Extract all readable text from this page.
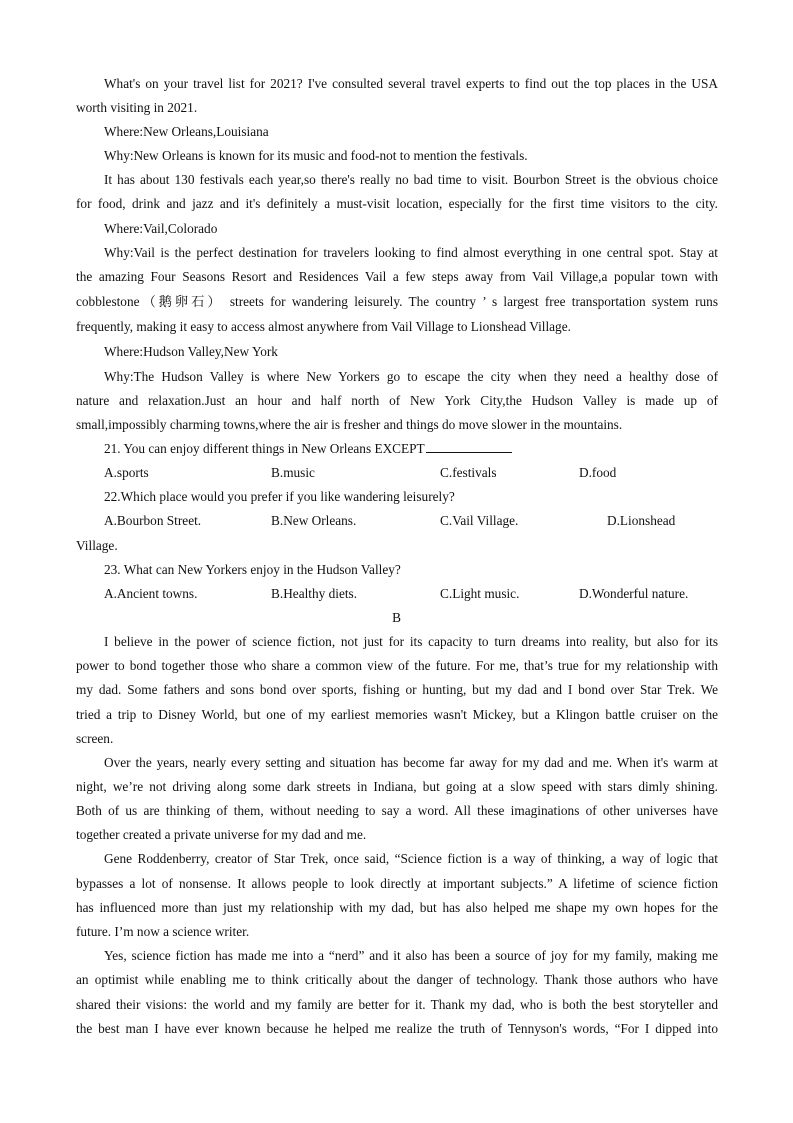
What's on your travel list for 2021? I've consulted several travel experts to find out the top places in the USA
worth visiting in 2021.
Where:New Orleans,Louisiana
Why:New Orleans is known for its music and food-not to mention the festivals.
It has about 130 festivals each year,so there's really no bad time to visit. Bourbon Street is the obvious choice
for food, drink and jazz and it's definitely a must-visit location, especially for the first time visitors to the city.
Where:Vail,Colorado
Why:Vail is the perfect destination for travelers looking to find almost everything in one central spot. Stay at
the amazing Four Seasons Resort and Residences Vail a few steps away from Vail Village,a popular town with
cobblestone（鹅卵石） streets for wandering leisurely. The country ’ s largest free transportation system runs
frequently, making it easy to access almost anywhere from Vail Village to Lionshead Village.
Where:Hudson Valley,New York
Why:The Hudson Valley is where New Yorkers go to escape the city when they need a healthy dose of
nature and relaxation.Just an hour and half north of New York City,the Hudson Valley is made up of
small,impossibly charming towns,where the air is fresher and things do move slower in the mountains.
21. You can enjoy different things in New Orleans EXCEPT
A.sports	B.music	C.festivals	D.food
22.Which place would you prefer if you like wandering leisurely?
A.Bourbon Street.	B.New Orleans.	C.Vail Village.	D.Lionshead
Village.
23. What can New Yorkers enjoy in the Hudson Valley?
A.Ancient towns.	B.Healthy diets.	C.Light music.	D.Wonderful nature.
B
I believe in the power of science fiction, not just for its capacity to turn dreams into reality, but also for its
power to bond together those who share a common view of the future. For me, that’s true for my relationship with
my dad. Some fathers and sons bond over sports, fishing or hunting, but my dad and I bond over Star Trek. We
tried a trip to Disney World, but one of my earliest memories wasn't Mickey, but a Klingon battle cruiser on the
screen.
Over the years, nearly every setting and situation has become far away for my dad and me. When it's warm at
night, we’re not driving along some dark streets in Indiana, but going at a slow speed with stars dimly shining.
Both of us are thinking of them, without needing to say a word. All these imaginations of other universes have
together created a private universe for my dad and me.
Gene Roddenberry, creator of Star Trek, once said, “Science fiction is a way of thinking, a way of logic that
bypasses a lot of nonsense. It allows people to look directly at important subjects.” A lifetime of science fiction
has influenced more than just my relationship with my dad, but has also helped me shape my own hopes for the
future. I’m now a science writer.
Yes, science fiction has made me into a “nerd” and it also has been a source of joy for my family, making me
an optimist while enabling me to think critically about the danger of technology. Thank those authors who have
shared their visions: the world and my family are better for it. Thank my dad, who is both the best storyteller and
the best man I have ever known because he helped me realize the truth of Tennyson's words, “For I dipped into
